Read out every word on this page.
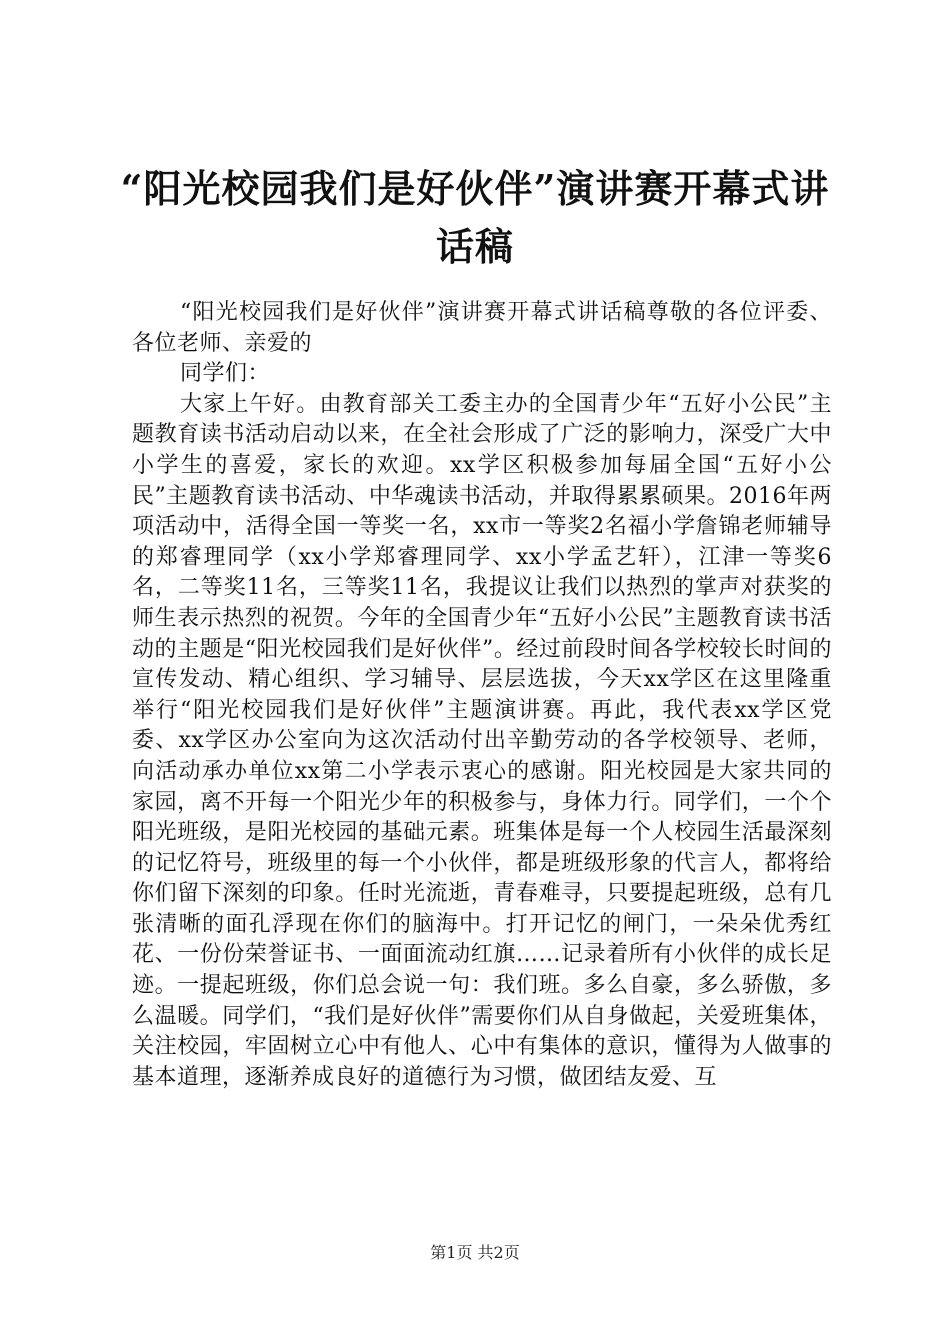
“阳光校园我们是好伙伴”演讲赛开幕式讲话稿

“阳光校园我们是好伙伴”演讲赛开幕式讲话稿尊敬的各位评委、各位老师、亲爱的

同学们：

大家上午好。由教育部关工委主办的全国青少年“五好小公民”主题教育读书活动启动以来，在全社会形成了广泛的影响力，深受广大中小学生的喜爱，家长的欢迎。xx学区积极参加每届全国“五好小公民”主题教育读书活动、中华魂读书活动，并取得累累硕果。2016年两项活动中，活得全国一等奖一名，xx市一等奖2名福小学詹锦老师辅导的郑睿理同学（xx小学郑睿理同学、xx小学孟艺轩），江津一等奖6名，二等奖11名，三等奖11名，我提议让我们以热烈的掌声对获奖的师生表示热烈的祝贺。今年的全国青少年“五好小公民”主题教育读书活动的主题是“阳光校园我们是好伙伴”。经过前段时间各学校较长时间的宣传发动、精心组织、学习辅导、层层选拔，今天xx学区在这里隆重举行“阳光校园我们是好伙伴”主题演讲赛。再此，我代表xx学区党委、xx学区办公室向为这次活动付出辛勤劳动的各学校领导、老师，向活动承办单位xx第二小学表示衷心的感谢。阳光校园是大家共同的家园，离不开每一个阳光少年的积极参与，身体力行。同学们，一个个阳光班级，是阳光校园的基础元素。班集体是每一个人校园生活最深刻的记忆符号，班级里的每一个小伙伴，都是班级形象的代言人，都将给你们留下深刻的印象。任时光流逝，青春难寻，只要提起班级，总有几张清晰的面孔浮现在你们的脑海中。打开记忆的闸门，一朵朵优秀红花、一份份荣誉证书、一面面流动红旗……记录着所有小伙伴的成长足迹。一提起班级，你们总会说一句：我们班。多么自豪，多么骄傲，多么温暖。同学们，“我们是好伙伴”需要你们从自身做起，关爱班集体，关注校园，牢固树立心中有他人、心中有集体的意识，懂得为人做事的基本道理，逐渐养成良好的道德行为习惯，做团结友爱、互

第1页 共2页
